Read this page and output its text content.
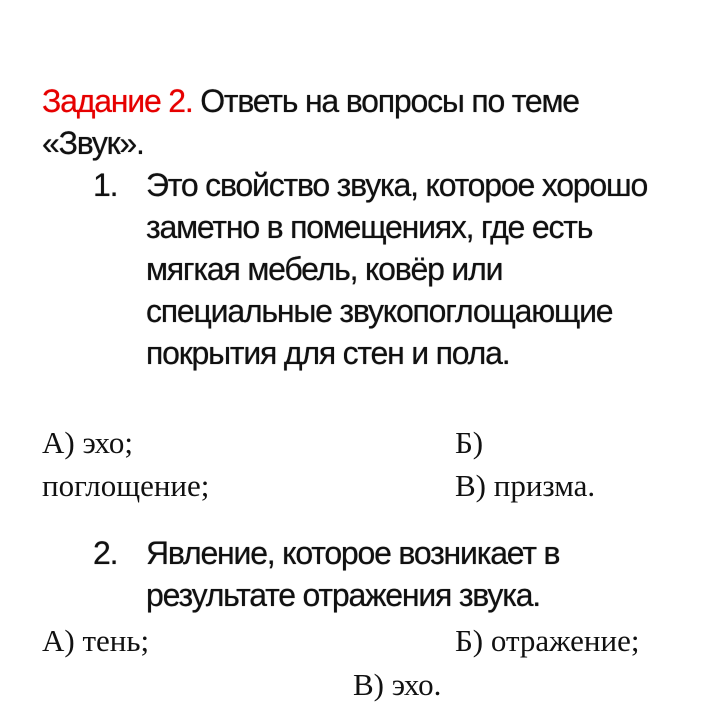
Задание 2. Ответь на вопросы по теме «Звук».
1. Это свойство звука, которое хорошо заметно в помещениях, где есть мягкая мебель, ковёр или специальные звукопоглощающие покрытия для стен и пола.
А) эхо;	Б)
поглощение;	В) призма.
2. Явление, которое возникает в результате отражения звука.
А) тень;	Б) отражение;
В) эхо.
